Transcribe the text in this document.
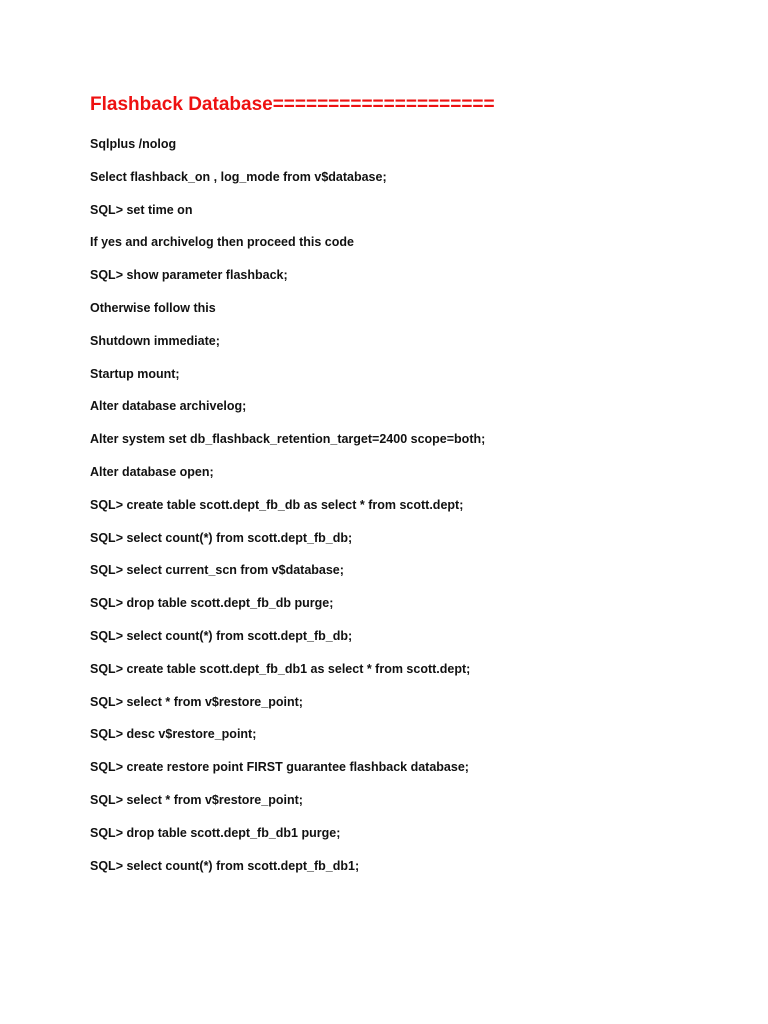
Flashback Database====================
Sqlplus /nolog
Select flashback_on , log_mode from v$database;
SQL> set time on
If yes and archivelog then proceed this code
SQL> show parameter flashback;
Otherwise follow this
Shutdown immediate;
Startup mount;
Alter database archivelog;
Alter system set db_flashback_retention_target=2400 scope=both;
Alter database open;
SQL> create table scott.dept_fb_db as select * from scott.dept;
SQL> select count(*) from scott.dept_fb_db;
SQL> select current_scn from v$database;
SQL> drop table scott.dept_fb_db purge;
SQL> select count(*) from scott.dept_fb_db;
SQL> create table scott.dept_fb_db1 as select * from scott.dept;
SQL> select * from v$restore_point;
SQL> desc v$restore_point;
SQL> create restore point FIRST guarantee flashback database;
SQL> select * from v$restore_point;
SQL> drop table scott.dept_fb_db1 purge;
SQL> select count(*) from scott.dept_fb_db1;
